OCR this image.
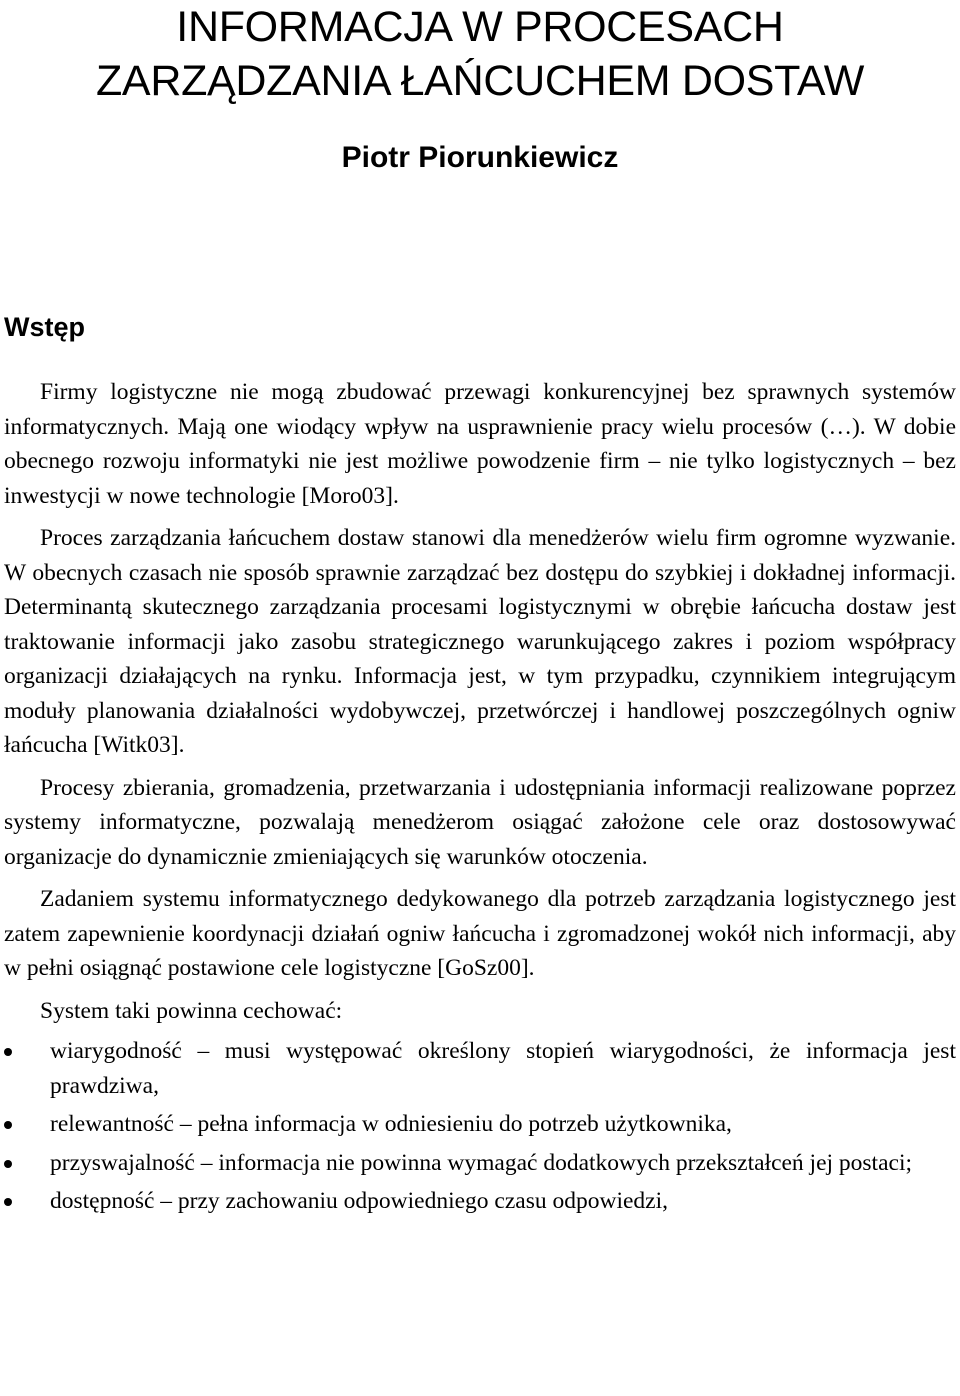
INFORMACJA W PROCESACH
ZARZĄDZANIA ŁAŃCUCHEM DOSTAW
Piotr Piorunkiewicz
Wstęp

Firmy logistyczne nie mogą zbudować przewagi konkurencyjnej bez sprawnych systemów informatycznych. Mają one wiodący wpływ na usprawnienie pracy wielu procesów (…). W dobie obecnego rozwoju informatyki nie jest możliwe powodzenie firm – nie tylko logistycznych – bez inwestycji w nowe technologie [Moro03].

Proces zarządzania łańcuchem dostaw stanowi dla menedżerów wielu firm ogromne wyzwanie. W obecnych czasach nie sposób sprawnie zarządzać bez dostępu do szybkiej i dokładnej informacji. Determinantą skutecznego zarządzania procesami logistycznymi w obrębie łańcucha dostaw jest traktowanie informacji jako zasobu strategicznego warunkującego zakres i poziom współpracy organizacji działających na rynku. Informacja jest, w tym przypadku, czynnikiem integrującym moduły planowania działalności wydobywczej, przetwórczej i handlowej poszczególnych ogniw łańcucha [Witk03].

Procesy zbierania, gromadzenia, przetwarzania i udostępniania informacji realizowane poprzez systemy informatyczne, pozwalają menedżerom osiągać założone cele oraz dostosowywać organizacje do dynamicznie zmieniających się warunków otoczenia.

Zadaniem systemu informatycznego dedykowanego dla potrzeb zarządzania logistycznego jest zatem zapewnienie koordynacji działań ogniw łańcucha i zgromadzonej wokół nich informacji, aby w pełni osiągnąć postawione cele logistyczne [GoSz00].

System taki powinna cechować:

wiarygodność – musi występować określony stopień wiarygodności, że informacja jest prawdziwa,
relewantność – pełna informacja w odniesieniu do potrzeb użytkownika,
przyswajalność – informacja nie powinna wymagać dodatkowych przekształceń jej postaci;
dostępność – przy zachowaniu odpowiedniego czasu odpowiedzi,
